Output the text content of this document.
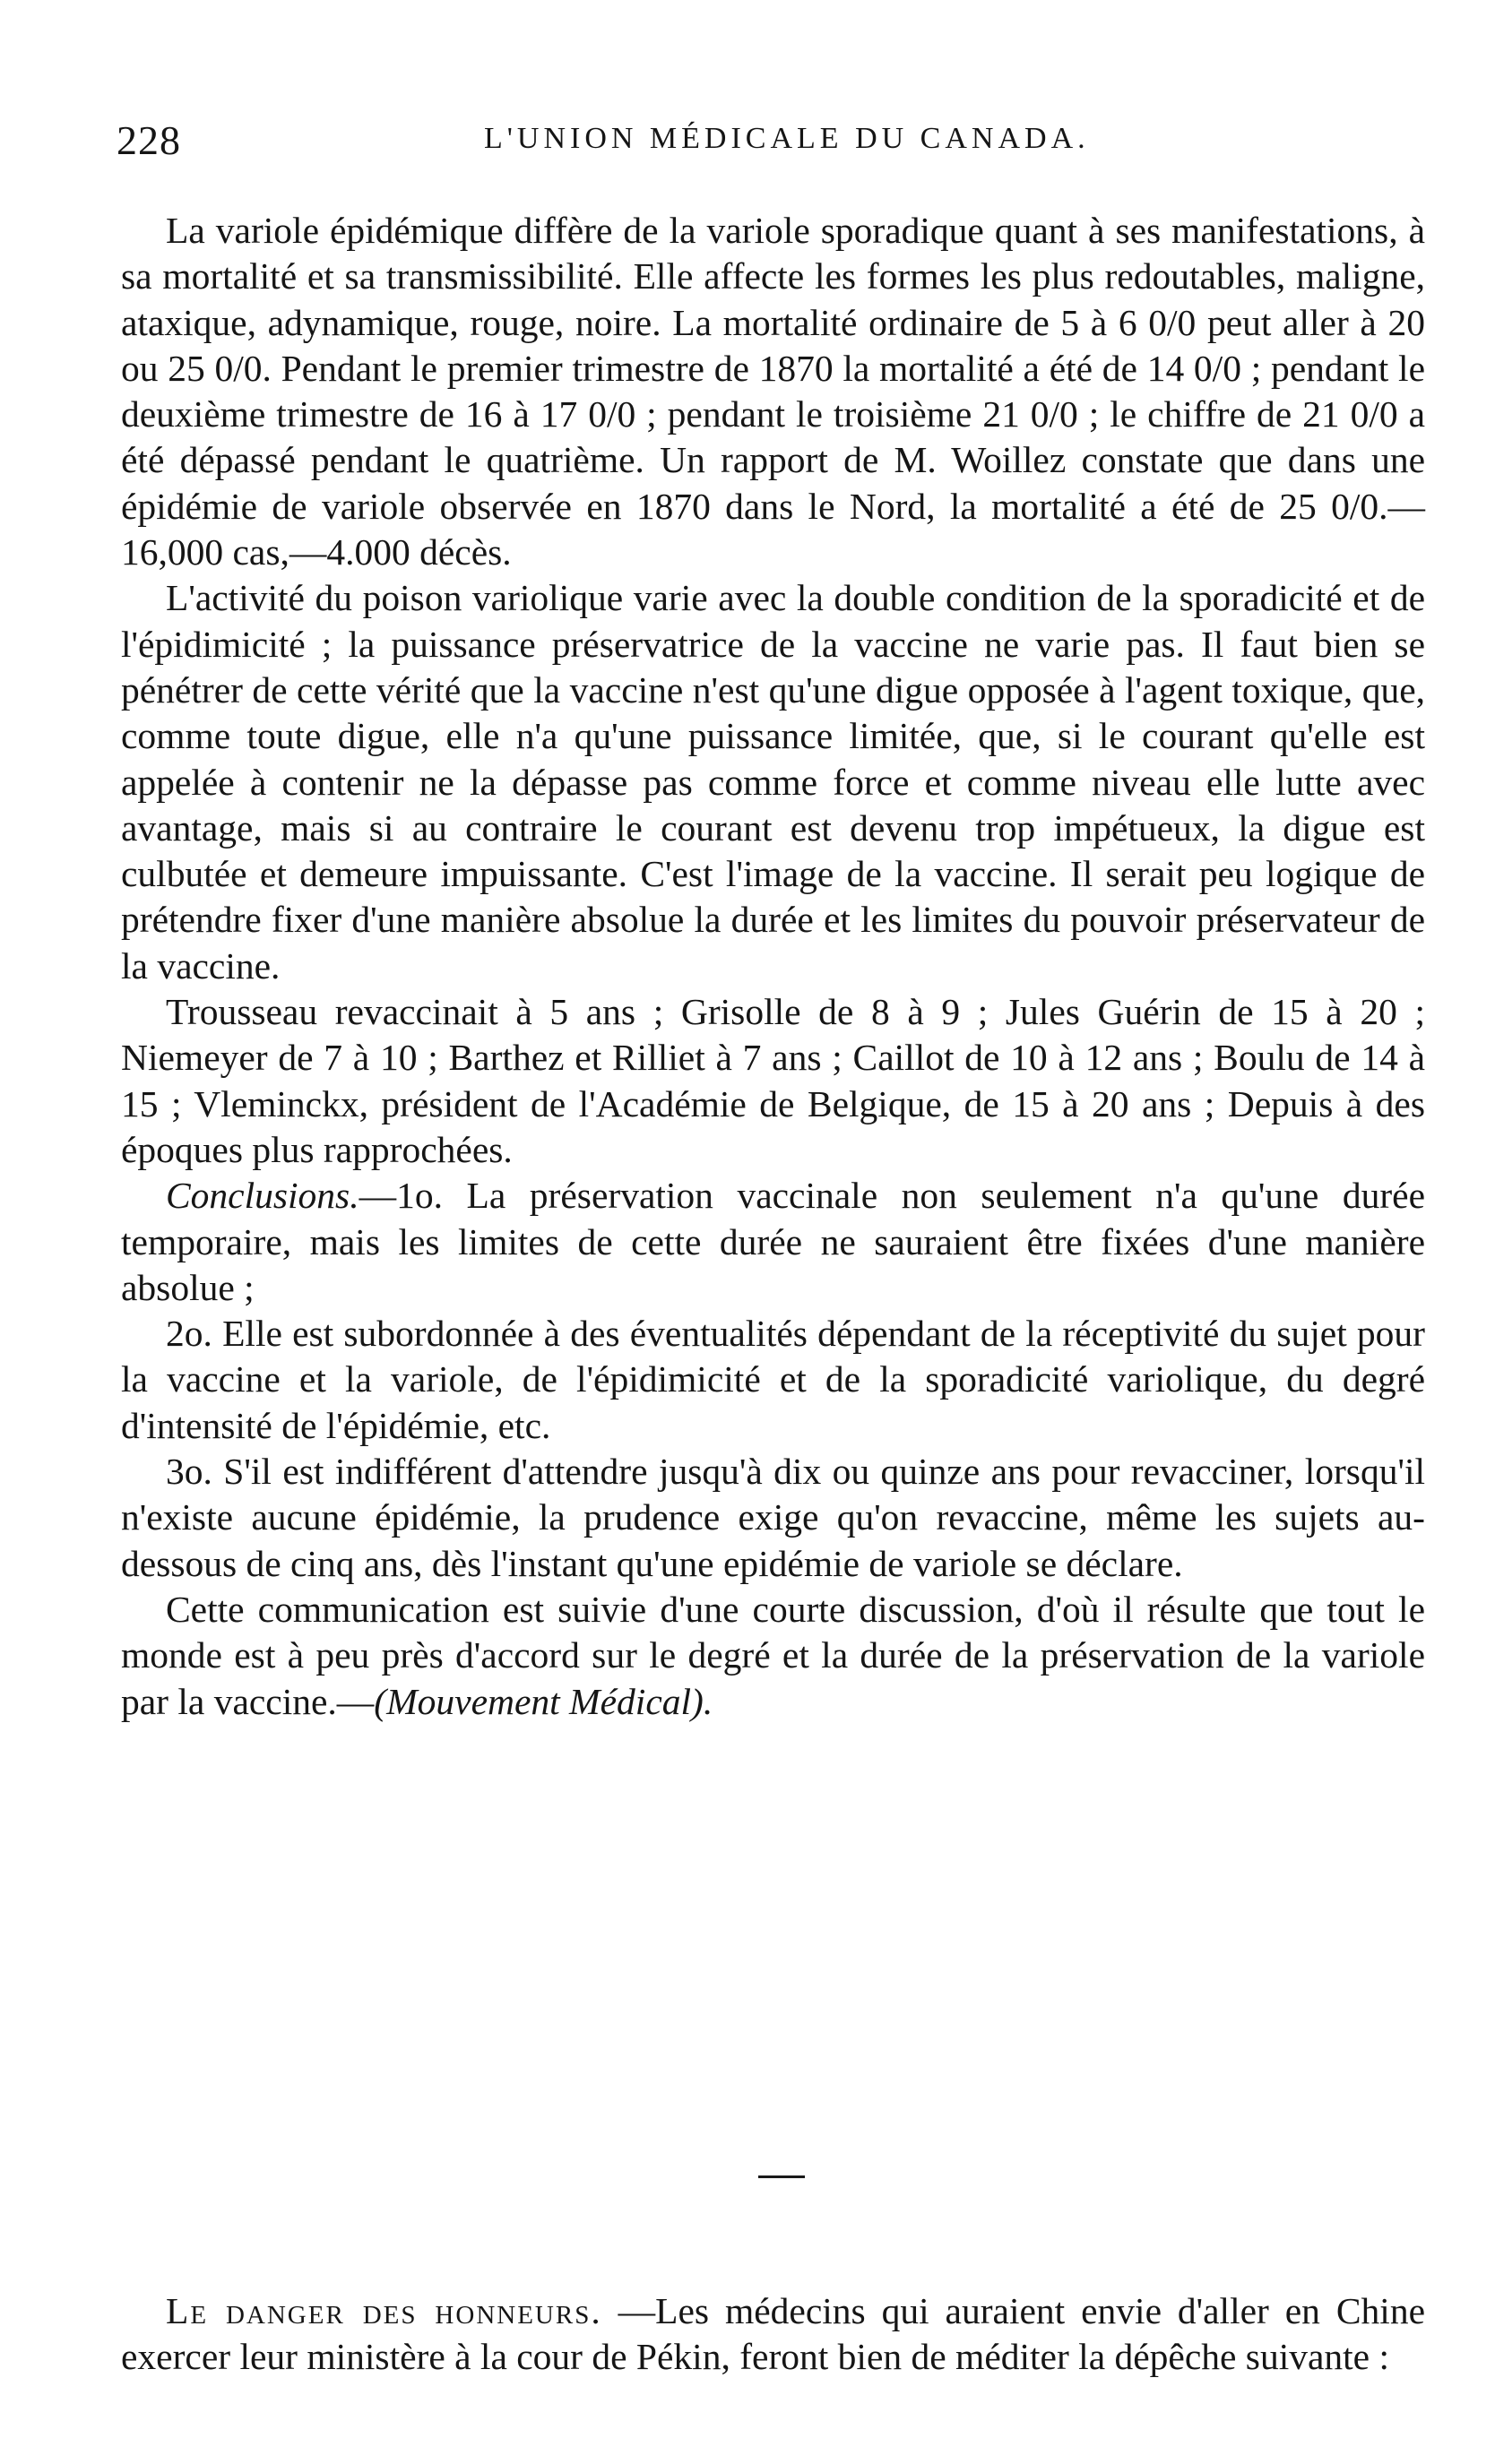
228	L'UNION MÉDICALE DU CANADA.

La variole épidémique diffère de la variole sporadique quant à ses manifestations, à sa mortalité et sa transmissibilité. Elle affecte les formes les plus redoutables, maligne, ataxique, adynamique, rouge, noire. La mortalité ordinaire de 5 à 6 0/0 peut aller à 20 ou 25 0/0. Pendant le premier trimestre de 1870 la mortalité a été de 14 0/0 ; pendant le deuxième trimestre de 16 à 17 0/0 ; pendant le troisième 21 0/0 ; le chiffre de 21 0/0 a été dépassé pendant le quatrième. Un rapport de M. Woillez constate que dans une épidémie de variole observée en 1870 dans le Nord, la mortalité a été de 25 0/0.—16,000 cas,—4.000 décès.

L'activité du poison variolique varie avec la double condition de la sporadicité et de l'épidimicité ; la puissance préservatrice de la vaccine ne varie pas. Il faut bien se pénétrer de cette vérité que la vaccine n'est qu'une digue opposée à l'agent toxique, que, comme toute digue, elle n'a qu'une puissance limitée, que, si le courant qu'elle est appelée à contenir ne la dépasse pas comme force et comme niveau elle lutte avec avantage, mais si au contraire le courant est devenu trop impétueux, la digue est culbutée et demeure impuissante. C'est l'image de la vaccine. Il serait peu logique de prétendre fixer d'une manière absolue la durée et les limites du pouvoir préservateur de la vaccine.

Trousseau revaccinait à 5 ans ; Grisolle de 8 à 9 ; Jules Guérin de 15 à 20 ; Niemeyer de 7 à 10 ; Barthez et Rilliet à 7 ans ; Caillot de 10 à 12 ans ; Boulu de 14 à 15 ; Vleminckx, président de l'Académie de Belgique, de 15 à 20 ans ; Depuis à des époques plus rapprochées.

Conclusions.—1o. La préservation vaccinale non seulement n'a qu'une durée temporaire, mais les limites de cette durée ne sauraient être fixées d'une manière absolue ;

2o. Elle est subordonnée à des éventualités dépendant de la réceptivité du sujet pour la vaccine et la variole, de l'épidimicité et de la sporadicité variolique, du degré d'intensité de l'épidémie, etc.

3o. S'il est indifférent d'attendre jusqu'à dix ou quinze ans pour revacciner, lorsqu'il n'existe aucune épidémie, la prudence exige qu'on revaccine, même les sujets au-dessous de cinq ans, dès l'instant qu'une epidémie de variole se déclare.

Cette communication est suivie d'une courte discussion, d'où il résulte que tout le monde est à peu près d'accord sur le degré et la durée de la préservation de la variole par la vaccine.—(Mouvement Médical).

Le danger des honneurs. —Les médecins qui auraient envie d'aller en Chine exercer leur ministère à la cour de Pékin, feront bien de méditer la dépêche suivante :
